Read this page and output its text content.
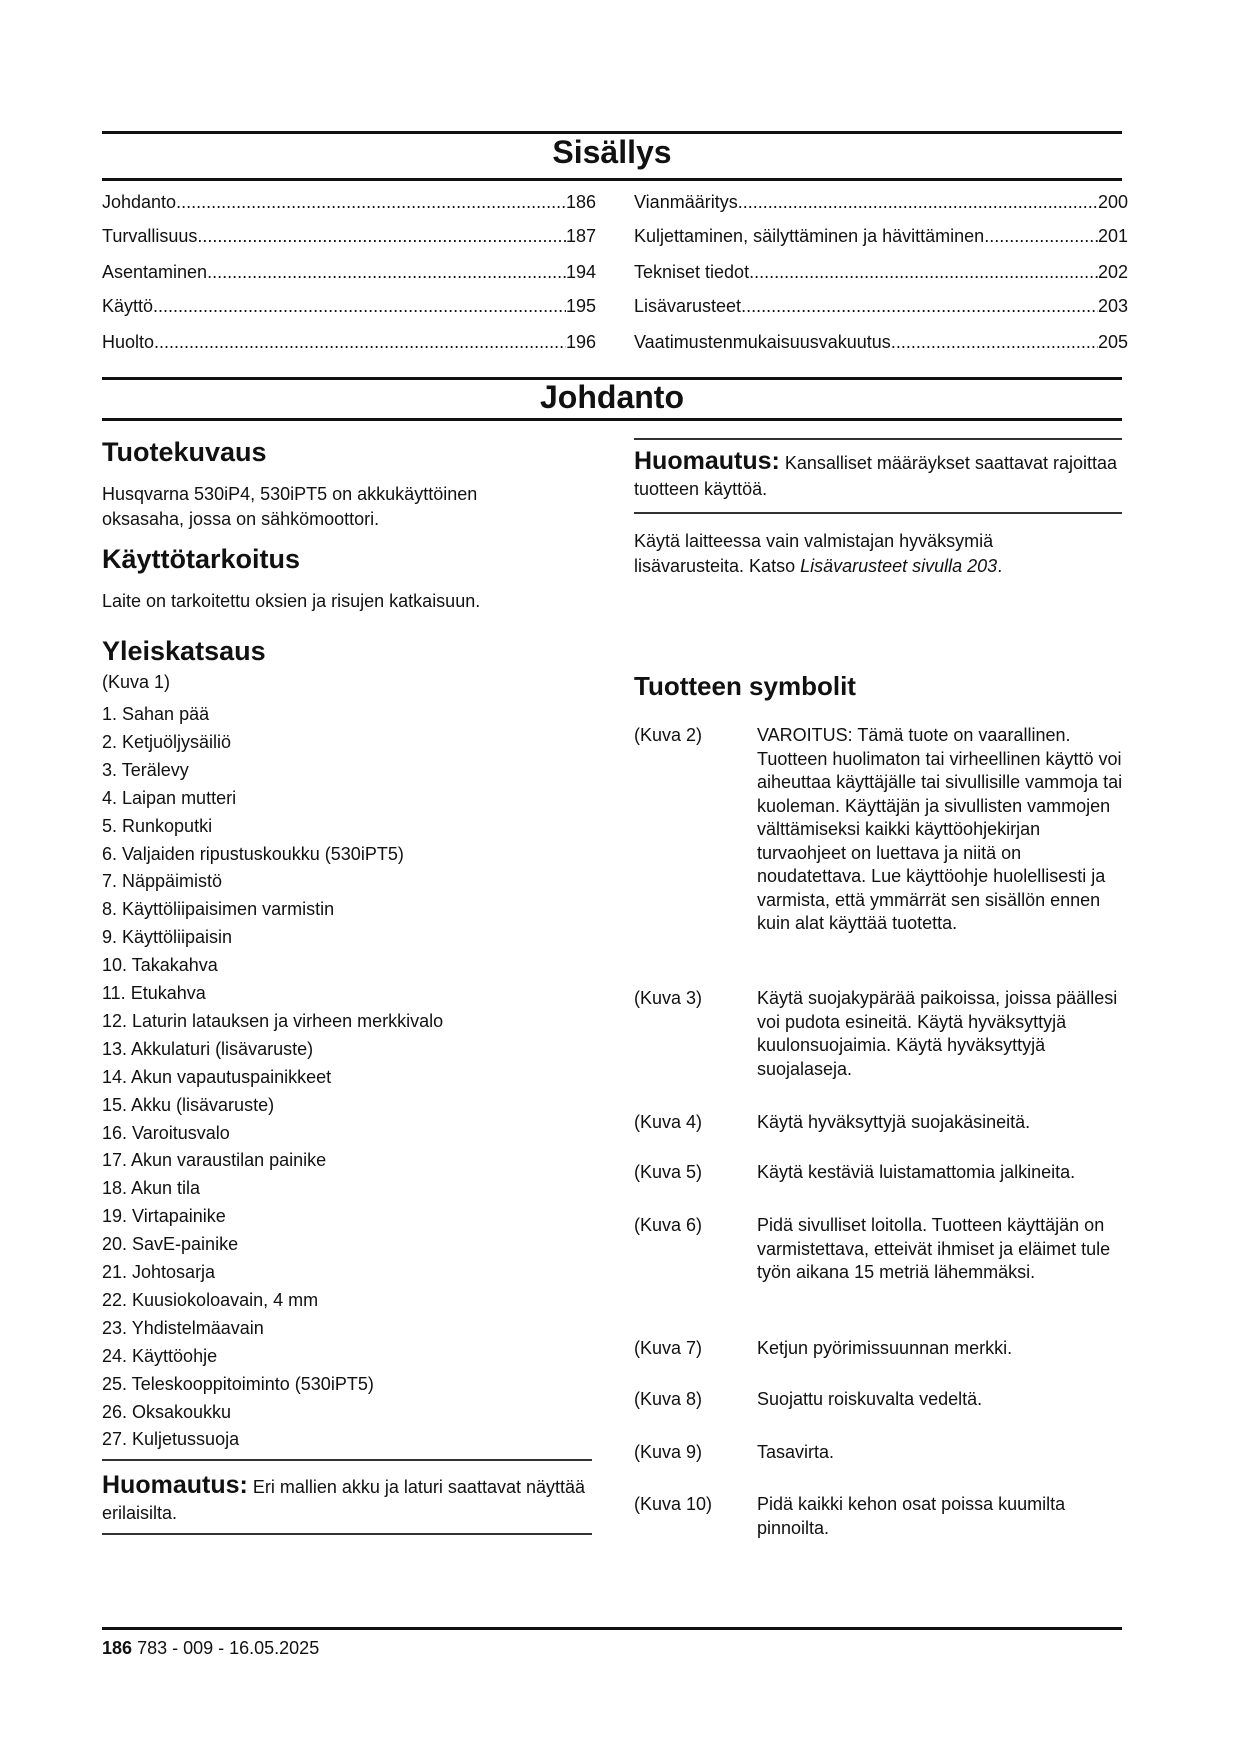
Sisällys
Johdanto .....	186
Turvallisuus .....	187
Asentaminen .....	194
Käyttö .....	195
Huolto .....	196
Vianmääritys .....	200
Kuljettaminen, säilyttäminen ja hävittäminen .....	201
Tekniset tiedot .....	202
Lisävarusteet .....	203
Vaatimustenmukaisuusvakuutus .....	205
Johdanto
Tuotekuvaus
Husqvarna 530iP4, 530iPT5 on akkukäyttöinen oksasaha, jossa on sähkömoottori.
Käyttötarkoitus
Laite on tarkoitettu oksien ja risujen katkaisuun.
Yleiskatsaus
(Kuva 1)
1. Sahan pää
2. Ketjuöljysäiliö
3. Terälevy
4. Laipan mutteri
5. Runkoputki
6. Valjaiden ripustuskoukku (530iPT5)
7. Näppäimistö
8. Käyttöliipaisimen varmistin
9. Käyttöliipaisin
10. Takakahva
11. Etukahva
12. Laturin latauksen ja virheen merkkivalo
13. Akkulaturi (lisävaruste)
14. Akun vapautuspainikkeet
15. Akku (lisävaruste)
16. Varoitusvalo
17. Akun varaustilan painike
18. Akun tila
19. Virtapainike
20. SavE-painike
21. Johtosarja
22. Kuusiokoloavain, 4 mm
23. Yhdistelmäavain
24. Käyttöohje
25. Teleskooppitoiminto (530iPT5)
26. Oksakoukku
27. Kuljetussuoja
Huomautus: Eri mallien akku ja laturi saattavat näyttää erilaisilta.
Huomautus: Kansalliset määräykset saattavat rajoittaa tuotteen käyttöä.
Käytä laitteessa vain valmistajan hyväksymiä lisävarusteita. Katso Lisävarusteet sivulla 203.
Tuotteen symbolit
(Kuva 2)	VAROITUS: Tämä tuote on vaarallinen. Tuotteen huolimaton tai virheellinen käyttö voi aiheuttaa käyttäjälle tai sivullisille vammoja tai kuoleman. Käyttäjän ja sivullisten vammojen välttämiseksi kaikki käyttöohjekirjan turvaohjeet on luettava ja niitä on noudatettava. Lue käyttöohje huolellisesti ja varmista, että ymmärrät sen sisällön ennen kuin alat käyttää tuotetta.
(Kuva 3)	Käytä suojakypärää paikoissa, joissa päällesi voi pudota esineitä. Käytä hyväksyttyjä kuulonsuojaimia. Käytä hyväksyttyjä suojalaseja.
(Kuva 4)	Käytä hyväksyttyjä suojakäsineitä.
(Kuva 5)	Käytä kestäviä luistamattomia jalkineita.
(Kuva 6)	Pidä sivulliset loitolla. Tuotteen käyttäjän on varmistettava, etteivät ihmiset ja eläimet tule työn aikana 15 metriä lähemmäksi.
(Kuva 7)	Ketjun pyörimissuunnan merkki.
(Kuva 8)	Suojattu roiskuvalta vedeltä.
(Kuva 9)	Tasavirta.
(Kuva 10) Pidä kaikki kehon osat poissa kuumilta pinnoilta.
186 783 - 009 - 16.05.2025
